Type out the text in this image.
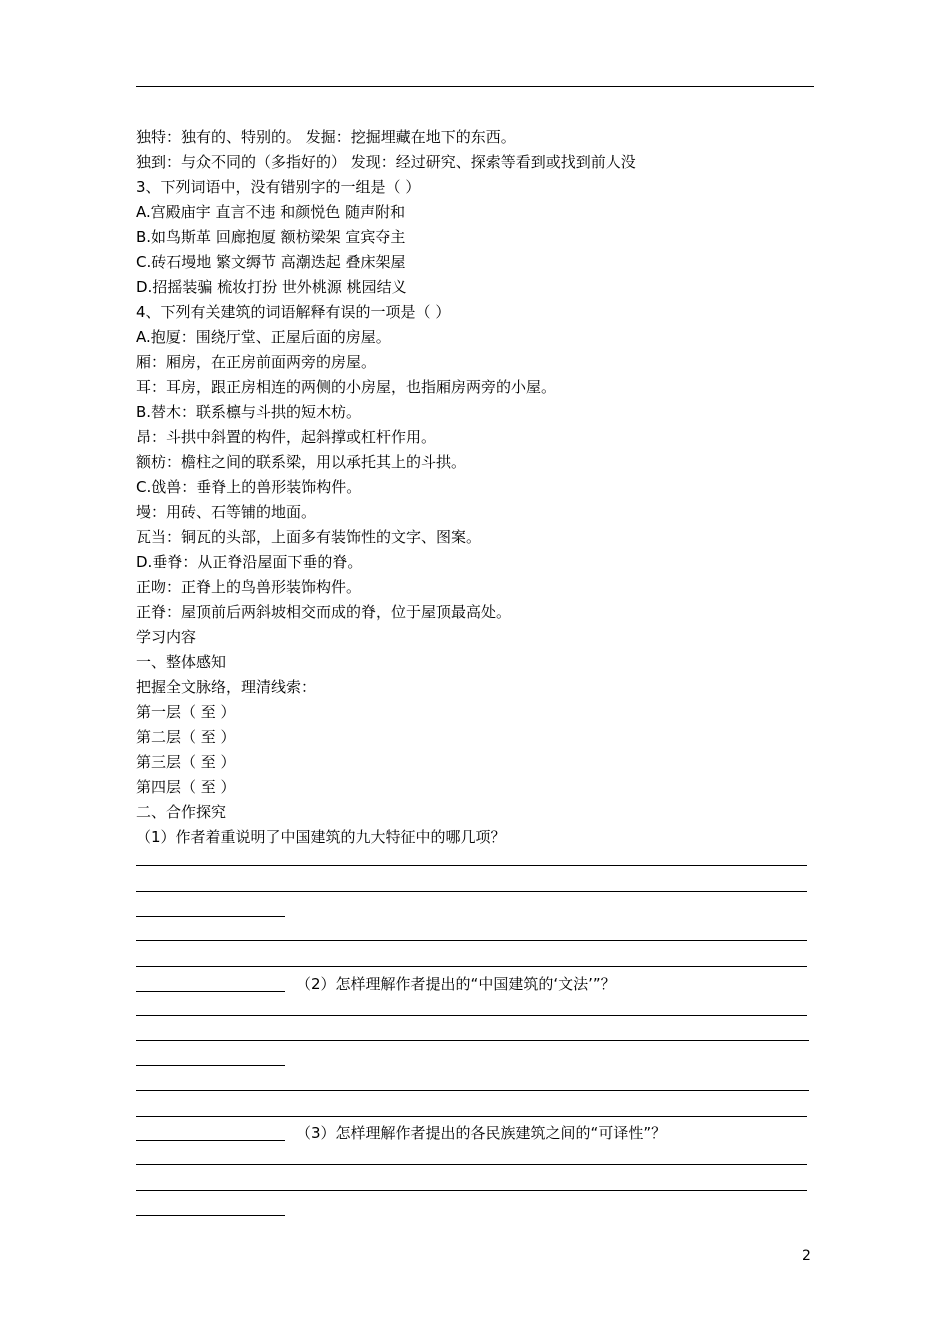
独特：独有的、特别的。 发掘：挖掘埋藏在地下的东西。
独到：与众不同的（多指好的） 发现：经过研究、探索等看到或找到前人没
3、下列词语中，没有错别字的一组是（ ）
A.宫殿庙宇 直言不违 和颜悦色 随声附和
B.如鸟斯革 回廊抱厦 额枋梁架 宣宾夺主
C.砖石墁地 繁文缛节 高潮迭起 叠床架屋
D.招摇装骗 梳妆打扮 世外桃源 桃园结义
4、下列有关建筑的词语解释有误的一项是（ ）
A.抱厦：围绕厅堂、正屋后面的房屋。
厢：厢房，在正房前面两旁的房屋。
耳：耳房，跟正房相连的两侧的小房屋，也指厢房两旁的小屋。
B.替木：联系檩与斗拱的短木枋。
昂：斗拱中斜置的构件，起斜撑或杠杆作用。
额枋：檐柱之间的联系梁，用以承托其上的斗拱。
C.戗兽：垂脊上的兽形装饰构件。
墁：用砖、石等铺的地面。
瓦当：铜瓦的头部，上面多有装饰性的文字、图案。
D.垂脊：从正脊沿屋面下垂的脊。
正吻：正脊上的鸟兽形装饰构件。
正脊：屋顶前后两斜坡相交而成的脊，位于屋顶最高处。
学习内容
一、整体感知
把握全文脉络，理清线索：
第一层（ 至 ）
第二层（ 至 ）
第三层（ 至 ）
第四层（ 至 ）
二、合作探究
（1）作者着重说明了中国建筑的九大特征中的哪几项？
（2）怎样理解作者提出的“中国建筑的‘文法’”？
（3）怎样理解作者提出的各民族建筑之间的“可译性”？
2
